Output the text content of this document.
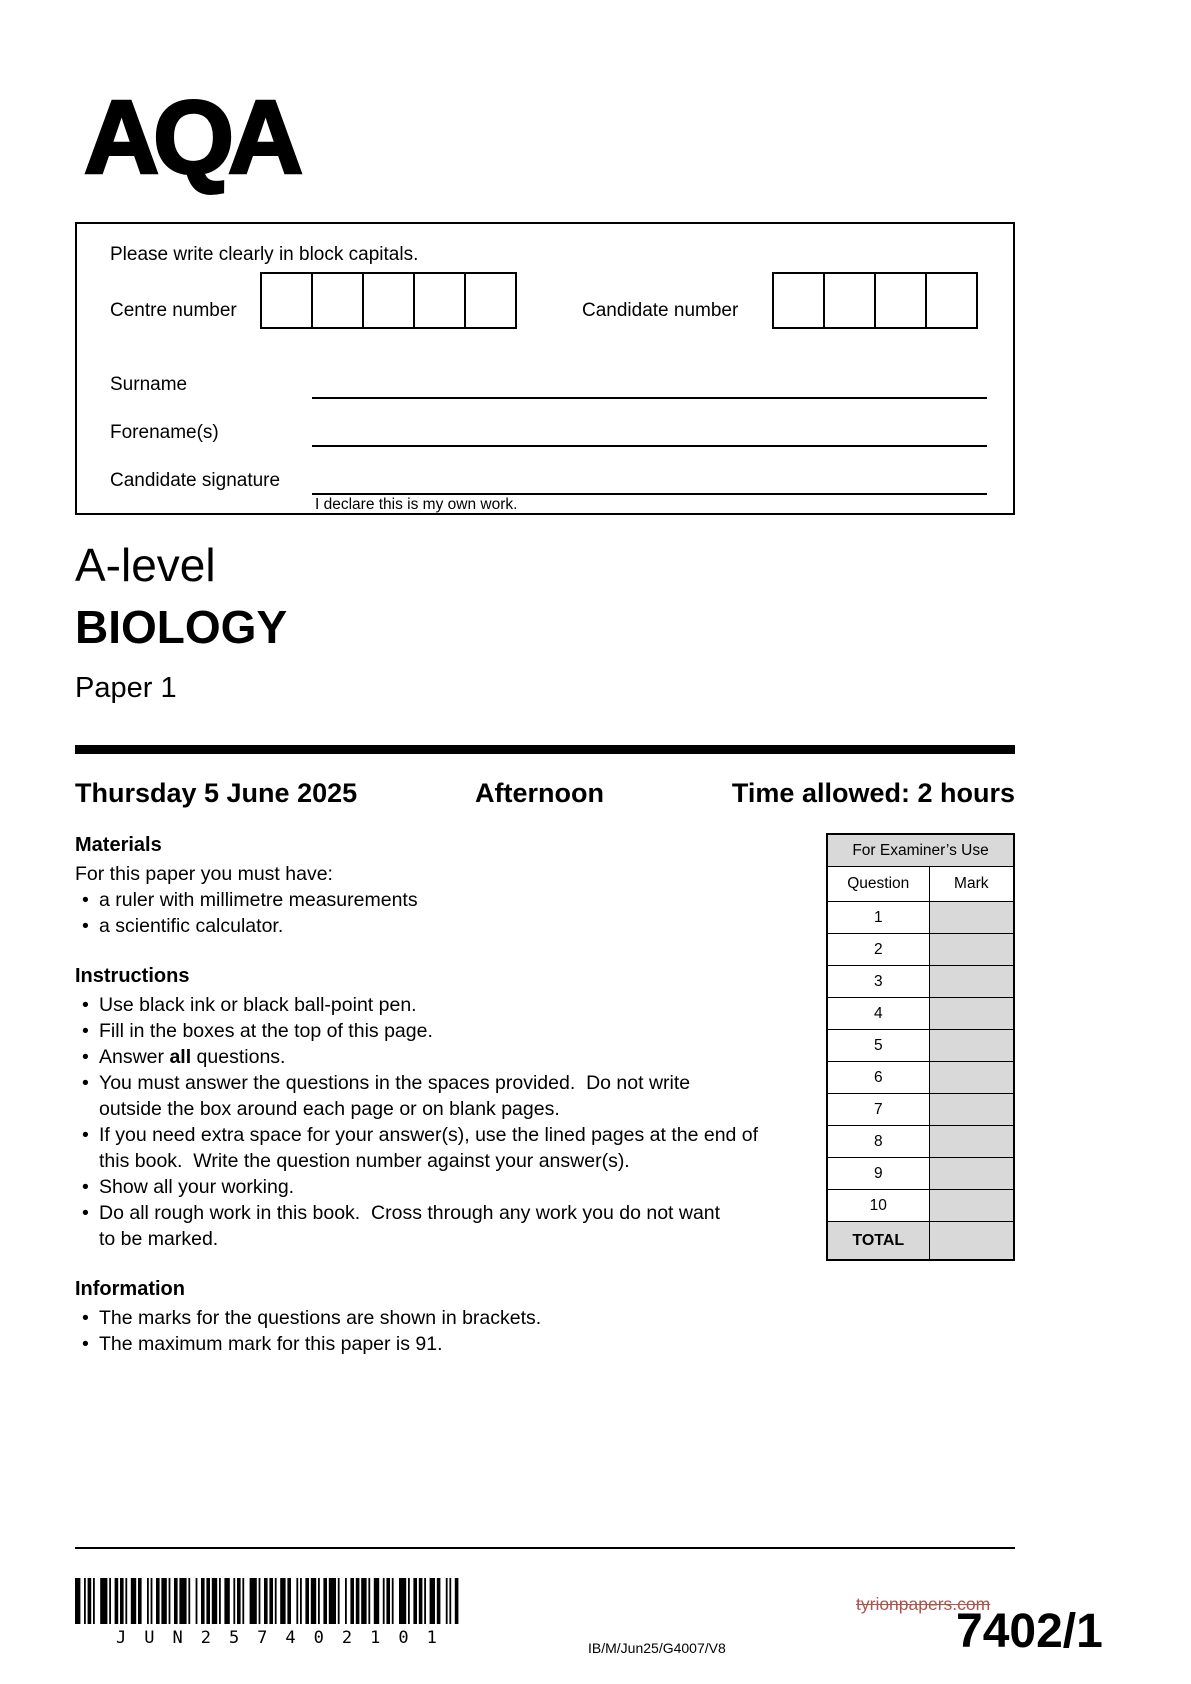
AQA
Please write clearly in block capitals.
Centre number	Candidate number
Surname
Forename(s)
Candidate signature
I declare this is my own work.
A-level
BIOLOGY
Paper 1
Thursday 5 June 2025	Afternoon	Time allowed: 2 hours
Materials

For this paper you must have:

• a ruler with millimetre measurements
• a scientific calculator.
Instructions
• Use black ink or black ball-point pen.
• Fill in the boxes at the top of this page.
• Answer all questions.
• You must answer the questions in the spaces provided.  Do not write
outside the box around each page or on blank pages.
• If you need extra space for your answer(s), use the lined pages at the end of
this book.  Write the question number against your answer(s).
• Show all your working.
• Do all rough work in this book.  Cross through any work you do not want
to be marked.
Information
• The marks for the questions are shown in brackets.
• The maximum mark for this paper is 91.
For Examiner’s Use	
Question	Mark
1	
2	
3	
4	
5	
6	
7	
8	
9	
10	
TOTAL	
JUN257402101	IB/M/Jun25/G4007/V8
tyrionpapers.com
7402/1
